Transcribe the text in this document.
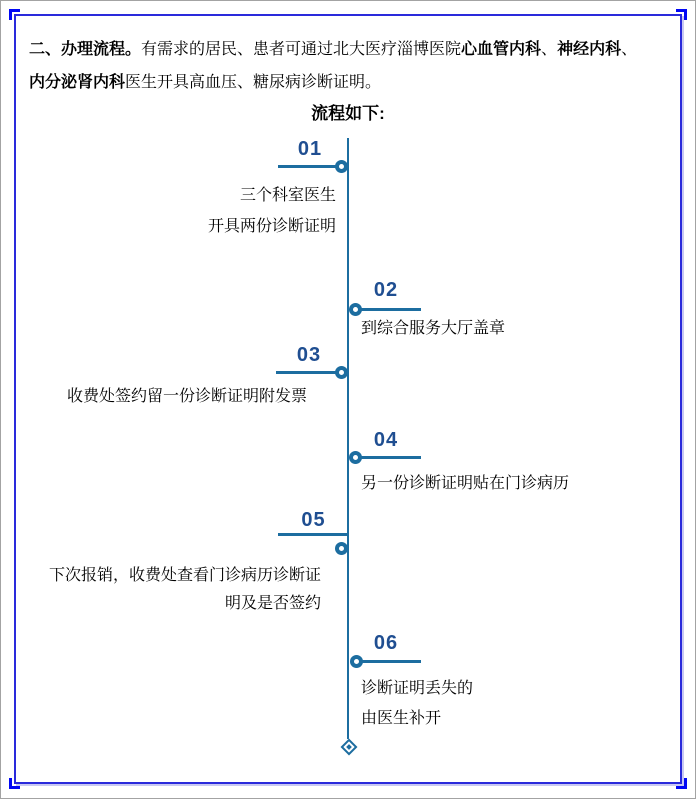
二、办理流程。有需求的居民、患者可通过北大医疗淄博医院心血管内科、神经内科、
内分泌肾内科医生开具高血压、糖尿病诊断证明。
流程如下:
01
三个科室医生
开具两份诊断证明
02
到综合服务大厅盖章
03
收费处签约留一份诊断证明附发票
04
另一份诊断证明贴在门诊病历
05
下次报销，收费处查看门诊病历诊断证
明及是否签约
06
诊断证明丢失的
由医生补开
